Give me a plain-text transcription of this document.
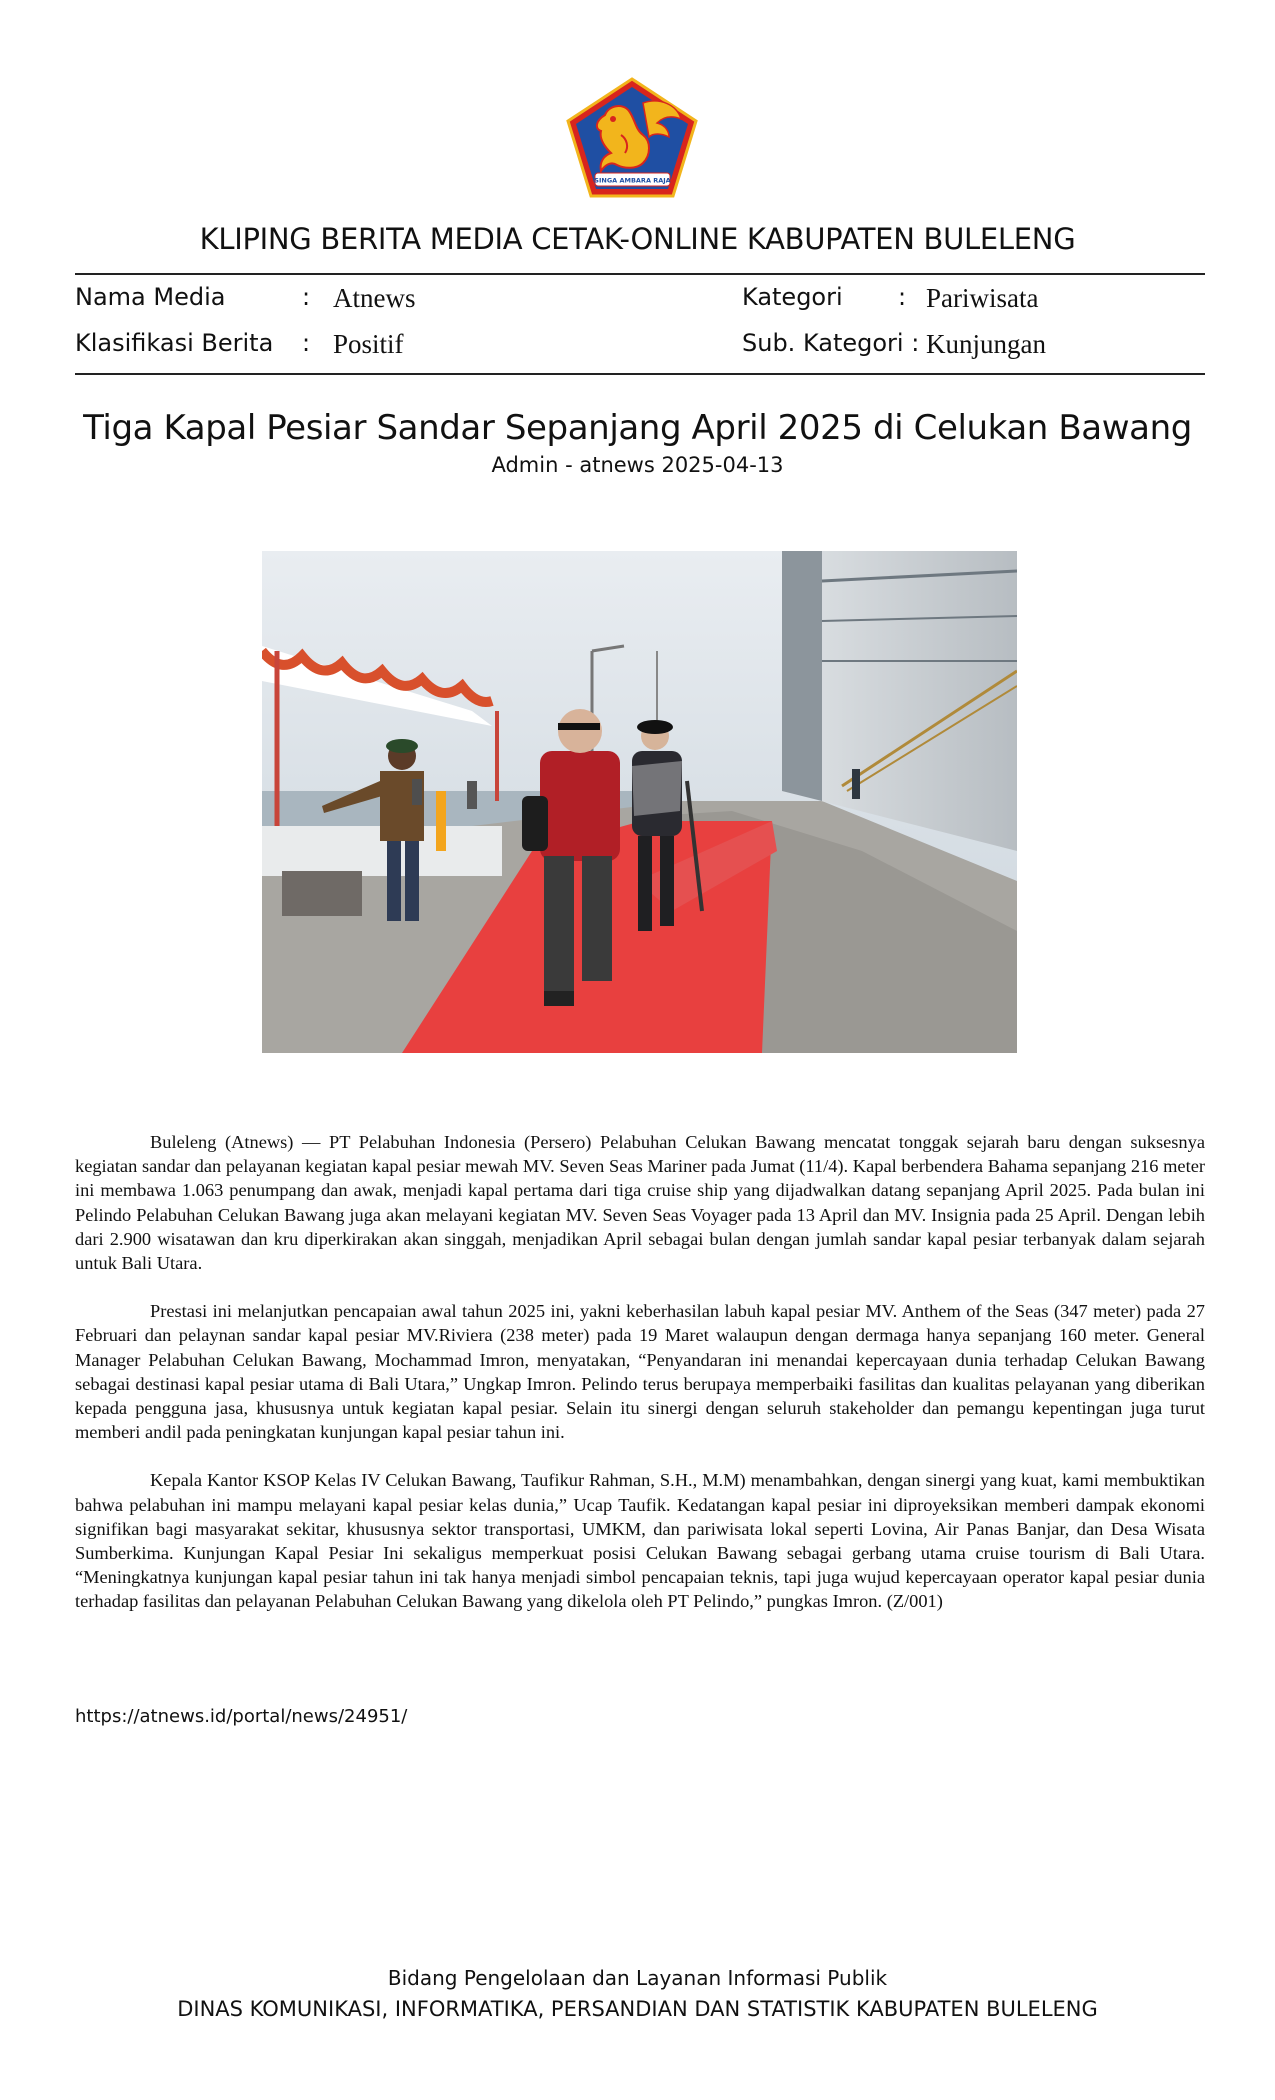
SINGA AMBARA RAJA
KLIPING BERITA MEDIA CETAK-ONLINE KABUPATEN BULELENG
Nama Media	: Atnews
Klasifikasi Berita : Positif
Kategori : Pariwisata
Sub. Kategori : Kunjungan
Tiga Kapal Pesiar Sandar Sepanjang April 2025 di Celukan Bawang
Admin - atnews 2025-04-13

Buleleng (Atnews) — PT Pelabuhan Indonesia (Persero) Pelabuhan Celukan Bawang mencatat tonggak sejarah baru dengan suksesnya kegiatan sandar dan pelayanan kegiatan kapal pesiar mewah MV. Seven Seas Mariner pada Jumat (11/4). Kapal berbendera Bahama sepanjang 216 meter ini membawa 1.063 penumpang dan awak, menjadi kapal pertama dari tiga cruise ship yang dijadwalkan datang sepanjang April 2025. Pada bulan ini Pelindo Pelabuhan Celukan Bawang juga akan melayani kegiatan MV. Seven Seas Voyager pada 13 April dan MV. Insignia pada 25 April. Dengan lebih dari 2.900 wisatawan dan kru diperkirakan akan singgah, menjadikan April sebagai bulan dengan jumlah sandar kapal pesiar terbanyak dalam sejarah untuk Bali Utara.

Prestasi ini melanjutkan pencapaian awal tahun 2025 ini, yakni keberhasilan labuh kapal pesiar MV. Anthem of the Seas (347 meter) pada 27 Februari dan pelaynan sandar kapal pesiar MV.Riviera (238 meter) pada 19 Maret walaupun dengan dermaga hanya sepanjang 160 meter. General Manager Pelabuhan Celukan Bawang, Mochammad Imron, menyatakan, “Penyandaran ini menandai kepercayaan dunia terhadap Celukan Bawang sebagai destinasi kapal pesiar utama di Bali Utara,” Ungkap Imron. Pelindo terus berupaya memperbaiki fasilitas dan kualitas pelayanan yang diberikan kepada pengguna jasa, khususnya untuk kegiatan kapal pesiar. Selain itu sinergi dengan seluruh stakeholder dan pemangu kepentingan juga turut memberi andil pada peningkatan kunjungan kapal pesiar tahun ini.

Kepala Kantor KSOP Kelas IV Celukan Bawang, Taufikur Rahman, S.H., M.M) menambahkan, dengan sinergi yang kuat, kami membuktikan bahwa pelabuhan ini mampu melayani kapal pesiar kelas dunia,” Ucap Taufik. Kedatangan kapal pesiar ini diproyeksikan memberi dampak ekonomi signifikan bagi masyarakat sekitar, khususnya sektor transportasi, UMKM, dan pariwisata lokal seperti Lovina, Air Panas Banjar, dan Desa Wisata Sumberkima. Kunjungan Kapal Pesiar Ini sekaligus memperkuat posisi Celukan Bawang sebagai gerbang utama cruise tourism di Bali Utara. “Meningkatnya kunjungan kapal pesiar tahun ini tak hanya menjadi simbol pencapaian teknis, tapi juga wujud kepercayaan operator kapal pesiar dunia terhadap fasilitas dan pelayanan Pelabuhan Celukan Bawang yang dikelola oleh PT Pelindo,” pungkas Imron. (Z/001)

https://atnews.id/portal/news/24951/
Bidang Pengelolaan dan Layanan Informasi Publik
DINAS KOMUNIKASI, INFORMATIKA, PERSANDIAN DAN STATISTIK KABUPATEN BULELENG
